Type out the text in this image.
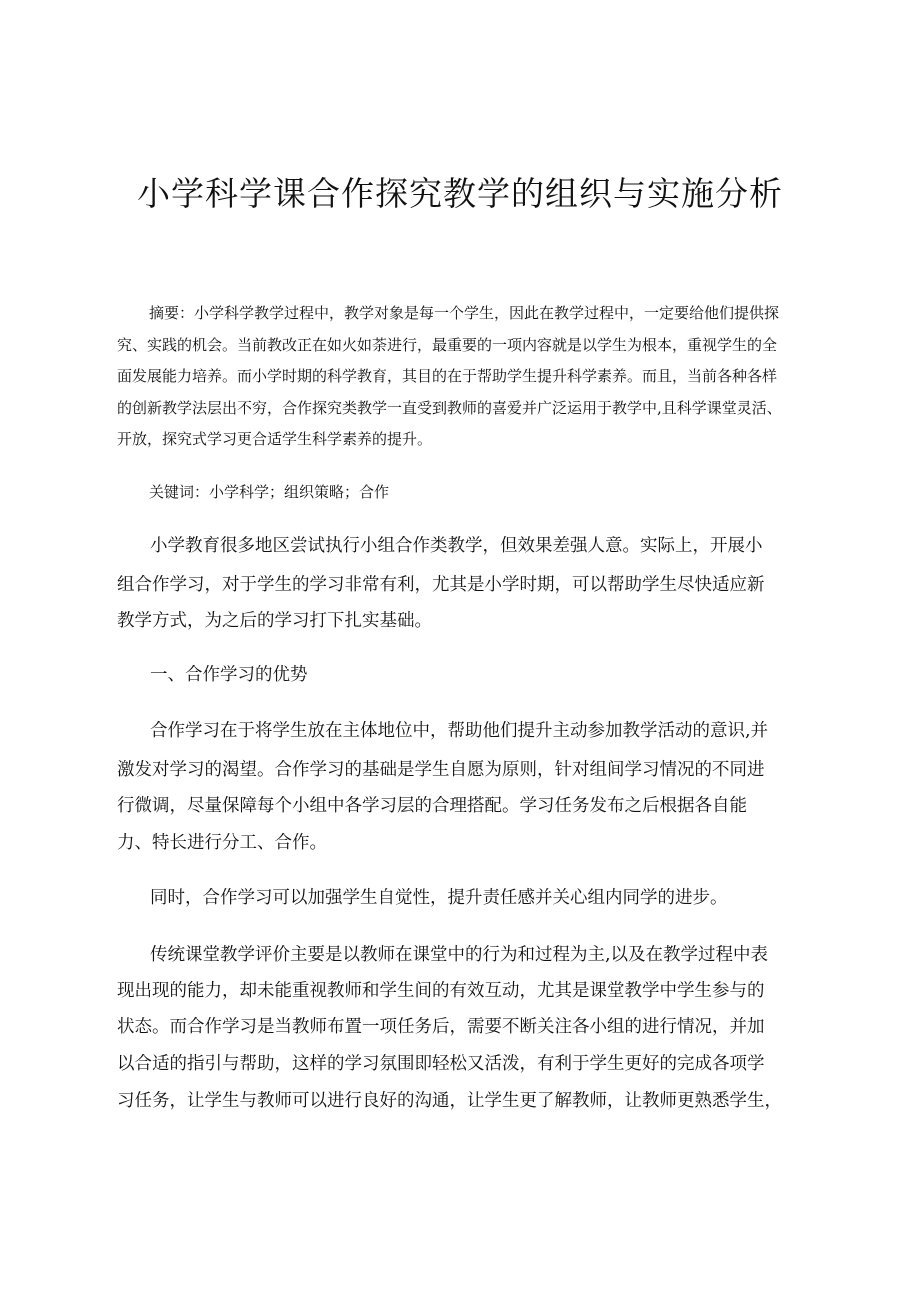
小学科学课合作探究教学的组织与实施分析
摘要：小学科学教学过程中，教学对象是每一个学生，因此在教学过程中，一定要给他们提供探
究、实践的机会。当前教改正在如火如荼进行，最重要的一项内容就是以学生为根本，重视学生的全
面发展能力培养。而小学时期的科学教育，其目的在于帮助学生提升科学素养。而且，当前各种各样
的创新教学法层出不穷，合作探究类教学一直受到教师的喜爱并广泛运用于教学中,且科学课堂灵活、
开放，探究式学习更合适学生科学素养的提升。
关键词：小学科学；组织策略；合作
小学教育很多地区尝试执行小组合作类教学，但效果差强人意。实际上，开展小
组合作学习，对于学生的学习非常有利，尤其是小学时期，可以帮助学生尽快适应新
教学方式，为之后的学习打下扎实基础。
一、合作学习的优势
合作学习在于将学生放在主体地位中，帮助他们提升主动参加教学活动的意识,并
激发对学习的渴望。合作学习的基础是学生自愿为原则，针对组间学习情况的不同进
行微调，尽量保障每个小组中各学习层的合理搭配。学习任务发布之后根据各自能
力、特长进行分工、合作。
同时，合作学习可以加强学生自觉性，提升责任感并关心组内同学的进步。
传统课堂教学评价主要是以教师在课堂中的行为和过程为主,以及在教学过程中表
现出现的能力，却未能重视教师和学生间的有效互动，尤其是课堂教学中学生参与的
状态。而合作学习是当教师布置一项任务后，需要不断关注各小组的进行情况，并加
以合适的指引与帮助，这样的学习氛围即轻松又活泼，有利于学生更好的完成各项学
习任务，让学生与教师可以进行良好的沟通，让学生更了解教师，让教师更熟悉学生，
